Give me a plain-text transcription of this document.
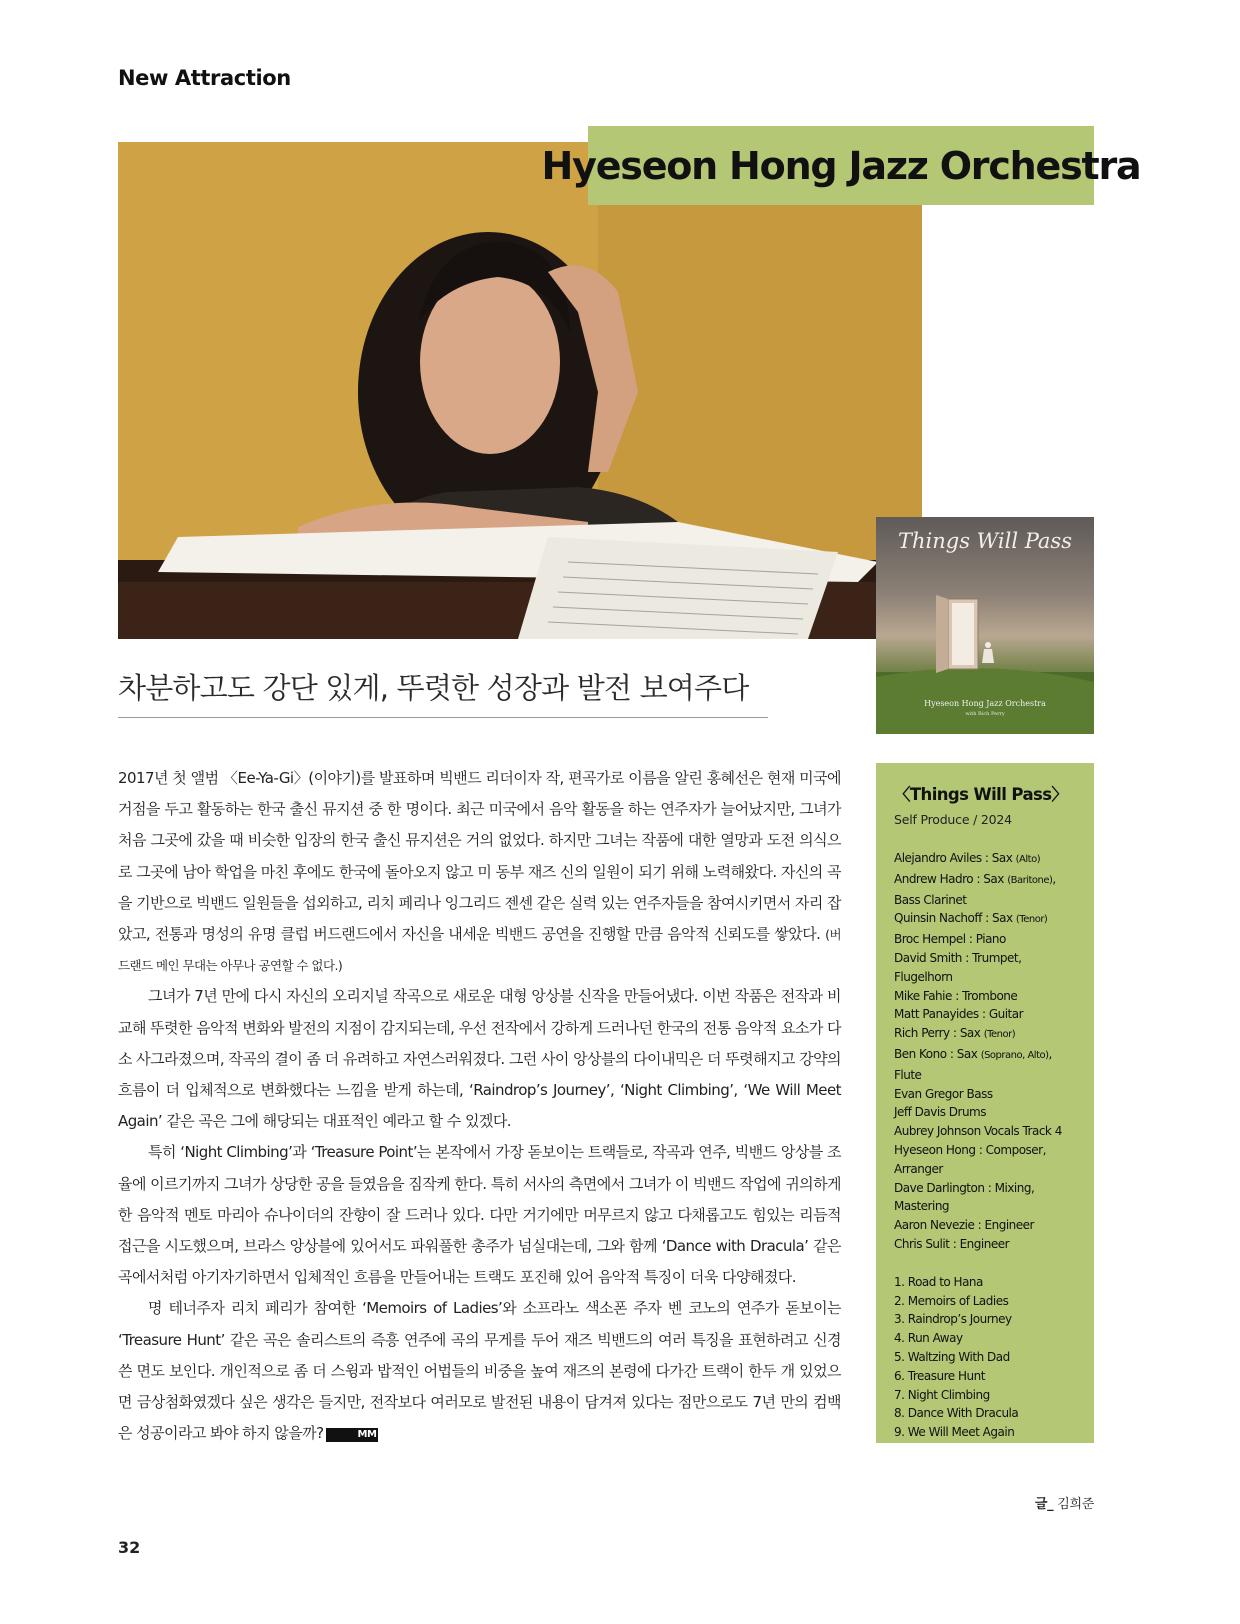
New Attraction
Hyeseon Hong Jazz Orchestra
Things Will Pass
Hyeseon Hong Jazz Orchestra
with Rich Perry
차분하고도 강단 있게, 뚜렷한 성장과 발전 보여주다

2017년 첫 앨범 〈Ee-Ya-Gi〉(이야기)를 발표하며 빅밴드 리더이자 작, 편곡가로 이름을 알린 홍혜선은 현재 미국에 거점을 두고 활동하는 한국 출신 뮤지션 중 한 명이다. 최근 미국에서 음악 활동을 하는 연주자가 늘어났지만, 그녀가 처음 그곳에 갔을 때 비슷한 입장의 한국 출신 뮤지션은 거의 없었다. 하지만 그녀는 작품에 대한 열망과 도전 의식으로 그곳에 남아 학업을 마친 후에도 한국에 돌아오지 않고 미 동부 재즈 신의 일원이 되기 위해 노력해왔다. 자신의 곡을 기반으로 빅밴드 일원들을 섭외하고, 리치 페리나 잉그리드 젠센 같은 실력 있는 연주자들을 참여시키면서 자리 잡았고, 전통과 명성의 유명 클럽 버드랜드에서 자신을 내세운 빅밴드 공연을 진행할 만큼 음악적 신뢰도를 쌓았다. (버드랜드 메인 무대는 아무나 공연할 수 없다.)

그녀가 7년 만에 다시 자신의 오리지널 작곡으로 새로운 대형 앙상블 신작을 만들어냈다. 이번 작품은 전작과 비교해 뚜렷한 음악적 변화와 발전의 지점이 감지되는데, 우선 전작에서 강하게 드러나던 한국의 전통 음악적 요소가 다소 사그라졌으며, 작곡의 결이 좀 더 유려하고 자연스러워졌다. 그런 사이 앙상블의 다이내믹은 더 뚜렷해지고 강약의 흐름이 더 입체적으로 변화했다는 느낌을 받게 하는데, ‘Raindrop’s Journey’, ‘Night Climbing’, ‘We Will Meet Again’ 같은 곡은 그에 해당되는 대표적인 예라고 할 수 있겠다.

특히 ‘Night Climbing’과 ‘Treasure Point’는 본작에서 가장 돋보이는 트랙들로, 작곡과 연주, 빅밴드 앙상블 조율에 이르기까지 그녀가 상당한 공을 들였음을 짐작케 한다. 특히 서사의 측면에서 그녀가 이 빅밴드 작업에 귀의하게 한 음악적 멘토 마리아 슈나이더의 잔향이 잘 드러나 있다. 다만 거기에만 머무르지 않고 다채롭고도 힘있는 리듬적 접근을 시도했으며, 브라스 앙상블에 있어서도 파워풀한 총주가 넘실대는데, 그와 함께 ‘Dance with Dracula’ 같은 곡에서처럼 아기자기하면서 입체적인 흐름을 만들어내는 트랙도 포진해 있어 음악적 특징이 더욱 다양해졌다.

명 테너주자 리치 페리가 참여한 ‘Memoirs of Ladies’와 소프라노 색소폰 주자 벤 코노의 연주가 돋보이는 ‘Treasure Hunt’ 같은 곡은 솔리스트의 즉흥 연주에 곡의 무게를 두어 재즈 빅밴드의 여러 특징을 표현하려고 신경 쓴 면도 보인다. 개인적으로 좀 더 스윙과 밥적인 어법들의 비중을 높여 재즈의 본령에 다가간 트랙이 한두 개 있었으면 금상첨화였겠다 싶은 생각은 들지만, 전작보다 여러모로 발전된 내용이 담겨져 있다는 점만으로도 7년 만의 컴백은 성공이라고 봐야 하지 않을까?	MM

〈Things Will Pass〉
Self Produce / 2024
Alejandro Aviles : Sax (Alto)
Andrew Hadro : Sax (Baritone),
Bass Clarinet
Quinsin Nachoff : Sax (Tenor)
Broc Hempel : Piano
David Smith : Trumpet,
Flugelhorn
Mike Fahie : Trombone
Matt Panayides : Guitar
Rich Perry : Sax (Tenor)
Ben Kono : Sax (Soprano, Alto),
Flute
Evan Gregor Bass
Jeff Davis Drums
Aubrey Johnson Vocals Track 4
Hyeseon Hong : Composer,
Arranger
Dave Darlington : Mixing,
Mastering
Aaron Nevezie : Engineer
Chris Sulit : Engineer
1. Road to Hana
2. Memoirs of Ladies
3. Raindrop’s Journey
4. Run Away
5. Waltzing With Dad
6. Treasure Hunt
7. Night Climbing
8. Dance With Dracula
9. We Will Meet Again
글_ 김희준
32
